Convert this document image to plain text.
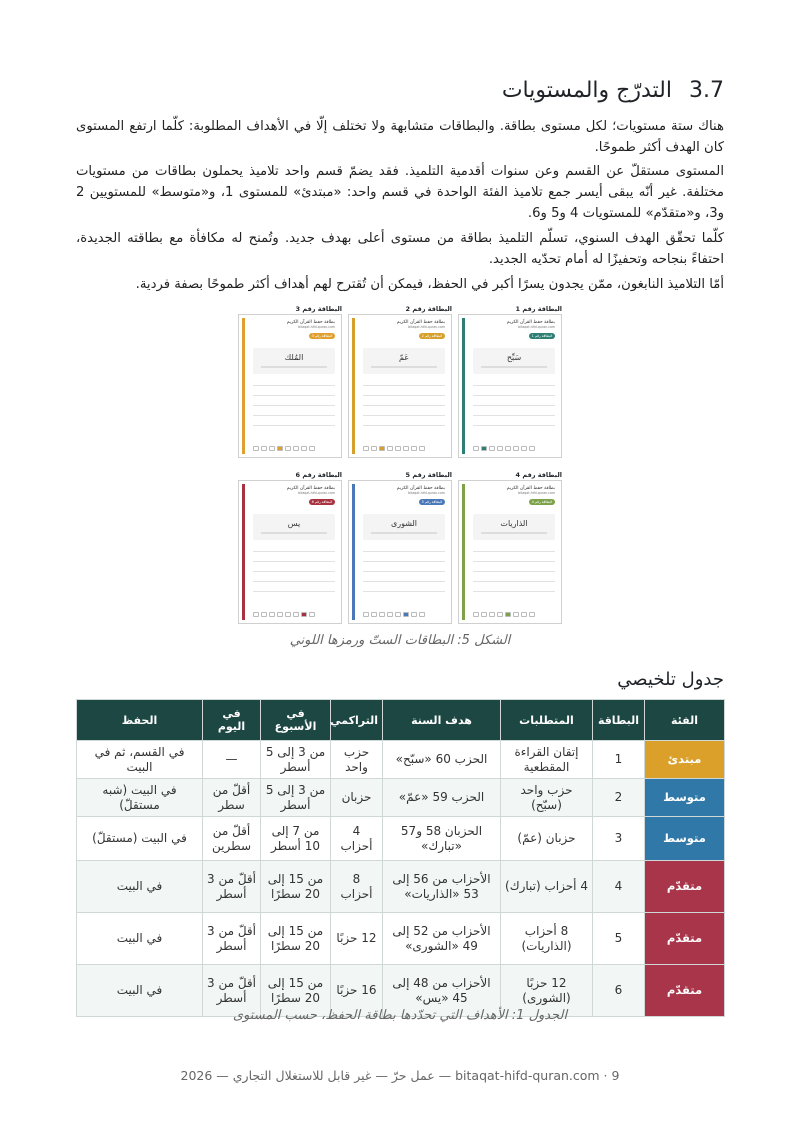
3.7 التدرّج والمستويات

هناك ستة مستويات؛ لكل مستوى بطاقة. والبطاقات متشابهة ولا تختلف إلّا في الأهداف المطلوبة: كلّما ارتفع المستوى كان الهدف أكثر طموحًا.

المستوى مستقلّ عن القسم وعن سنوات أقدمية التلميذ. فقد يضمّ قسم واحد تلاميذ يحملون بطاقات من مستويات مختلفة. غير أنّه يبقى أيسر جمع تلاميذ الفئة الواحدة في قسم واحد: «مبتدئ» للمستوى 1، و«متوسط» للمستويين 2 و3، و«متقدّم» للمستويات 4 و5 و6.

كلّما تحقّق الهدف السنوي، تسلّم التلميذ بطاقة من مستوى أعلى بهدف جديد. وتُمنح له مكافأة مع بطاقته الجديدة، احتفاءً بنجاحه وتحفيزًا له أمام تحدّيه الجديد.

أمّا التلاميذ النابغون، ممّن يجدون يسرًا أكبر في الحفظ، فيمكن أن تُقترح لهم أهداف أكثر طموحًا بصفة فردية.

البطاقة رقم 1
بطاقة حفظ القرآن الكريم
bitaqat-hifd-quran.com
البطاقة رقم 1
سَبِّح
البطاقة رقم 2
بطاقة حفظ القرآن الكريم
bitaqat-hifd-quran.com
البطاقة رقم 2
عَمّ
البطاقة رقم 3
بطاقة حفظ القرآن الكريم
bitaqat-hifd-quran.com
البطاقة رقم 3
المُلك
البطاقة رقم 4
بطاقة حفظ القرآن الكريم
bitaqat-hifd-quran.com
البطاقة رقم 4
الذاريات
البطاقة رقم 5
بطاقة حفظ القرآن الكريم
bitaqat-hifd-quran.com
البطاقة رقم 5
الشورى
البطاقة رقم 6
بطاقة حفظ القرآن الكريم
bitaqat-hifd-quran.com
البطاقة رقم 6
يس
الشكل 5: البطاقات الستّ ورمزها اللوني
جدول تلخيصي
الفئة	البطاقة	المتطلبات	هدف السنة	التراكمي	في الأسبوع	في اليوم	الحفظ
مبتدئ	1	إتقان القراءة المقطعية	الحزب 60 «سبّح»	حزب واحد	من 3 إلى 5 أسطر	—	في القسم، ثم في البيت
متوسط	2	حزب واحد (سبّح)	الحزب 59 «عمّ»	حزبان	من 3 إلى 5 أسطر	أقلّ من سطر	في البيت (شبه مستقلّ)
متوسط	3	حزبان (عمّ)	الحزبان 58 و57 «تبارك»	4 أحزاب	من 7 إلى 10 أسطر	أقلّ من سطرين	في البيت (مستقلّ)
متقدّم	4	4 أحزاب (تبارك)	الأحزاب من 56 إلى 53 «الذاريات»	8 أحزاب	من 15 إلى 20 سطرًا	أقلّ من 3 أسطر	في البيت
متقدّم	5	8 أحزاب (الذاريات)	الأحزاب من 52 إلى 49 «الشورى»	12 حزبًا	من 15 إلى 20 سطرًا	أقلّ من 3 أسطر	في البيت
متقدّم	6	12 حزبًا (الشورى)	الأحزاب من 48 إلى 45 «يس»	16 حزبًا	من 15 إلى 20 سطرًا	أقلّ من 3 أسطر	في البيت
الجدول 1: الأهداف التي تحدّدها بطاقة الحفظ، حسب المستوى
عمل حرّ — غير قابل للاستغلال التجاري — 2026 — bitaqat-hifd-quran.com · 9
